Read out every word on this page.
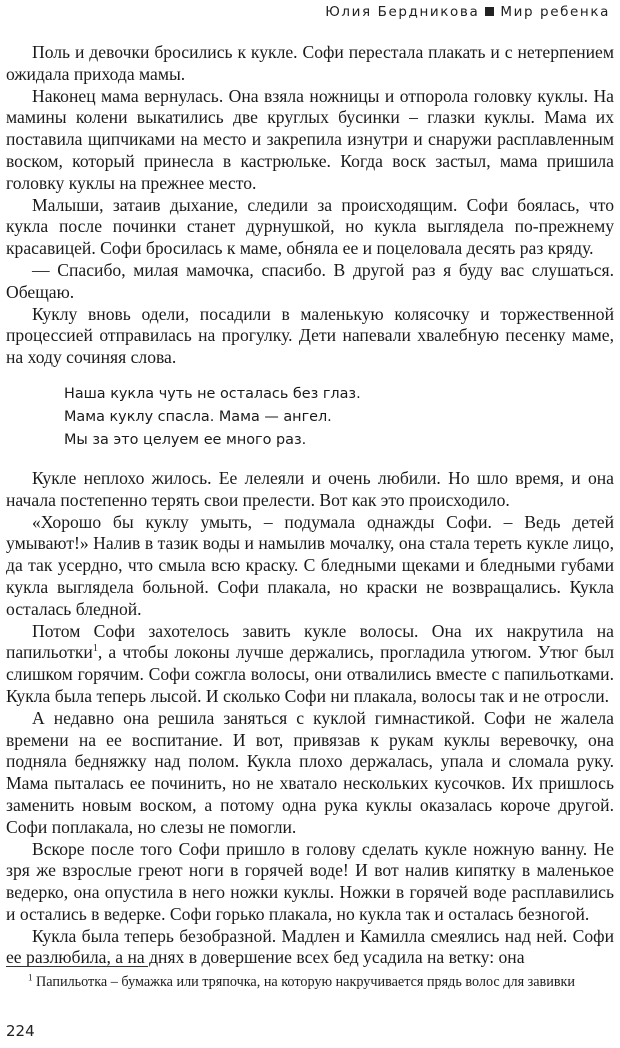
Юлия Бердникова Мир ребенка

Поль и девочки бросились к кукле. Софи перестала плакать и с нетерпением ожидала прихода мамы.

Наконец мама вернулась. Она взяла ножницы и отпорола головку куклы. На мамины колени выкатились две круглых бусинки – глазки куклы. Мама их поставила щипчиками на место и закрепила изнутри и снаружи расплавленным воском, который принесла в кастрюльке. Когда воск застыл, мама пришила головку куклы на прежнее место.

Малыши, затаив дыхание, следили за происходящим. Софи боялась, что кукла после починки станет дурнушкой, но кукла выглядела по-прежнему красавицей. Софи бросилась к маме, обняла ее и поцеловала десять раз кряду.

— Спасибо, милая мамочка, спасибо. В другой раз я буду вас слушаться. Обещаю.

Куклу вновь одели, посадили в маленькую колясочку и торжественной процессией отправилась на прогулку. Дети напевали хвалебную песенку маме, на ходу сочиняя слова.

Наша кукла чуть не осталась без глаз.
Мама куклу спасла. Мама — ангел.
Мы за это целуем ее много раз.

Кукле неплохо жилось. Ее лелеяли и очень любили. Но шло время, и она начала постепенно терять свои прелести. Вот как это происходило.

«Хорошо бы куклу умыть, – подумала однажды Софи. – Ведь детей умывают!» Налив в тазик воды и намылив мочалку, она стала тереть кукле лицо, да так усердно, что смыла всю краску. С бледными щеками и бледными губами кукла выглядела больной. Софи плакала, но краски не возвращались. Кукла осталась бледной.

Потом Софи захотелось завить кукле волосы. Она их накрутила на папильотки$^1$, а чтобы локоны лучше держались, прогладила утюгом. Утюг был слишком горячим. Софи сожгла волосы, они отвалились вместе с папильотками. Кукла была теперь лысой. И сколько Софи ни плакала, волосы так и не отросли.

А недавно она решила заняться с куклой гимнастикой. Софи не жалела времени на ее воспитание. И вот, привязав к рукам куклы веревочку, она подняла бедняжку над полом. Кукла плохо держалась, упала и сломала руку. Мама пыталась ее починить, но не хватало нескольких кусочков. Их пришлось заменить новым воском, а потому одна рука куклы оказалась короче другой. Софи поплакала, но слезы не помогли.

Вскоре после того Софи пришло в голову сделать кукле ножную ванну. Не зря же взрослые греют ноги в горячей воде! И вот налив кипятку в маленькое ведерко, она опустила в него ножки куклы. Ножки в горячей воде расплавились и остались в ведерке. Софи горько плакала, но кукла так и осталась безногой.

Кукла была теперь безобразной. Мадлен и Камилла смеялись над ней. Софи ее разлюбила, а на днях в довершение всех бед усадила на ветку: она

$^1$ Папильотка – бумажка или тряпочка, на которую накручивается прядь волос для завивки
224
